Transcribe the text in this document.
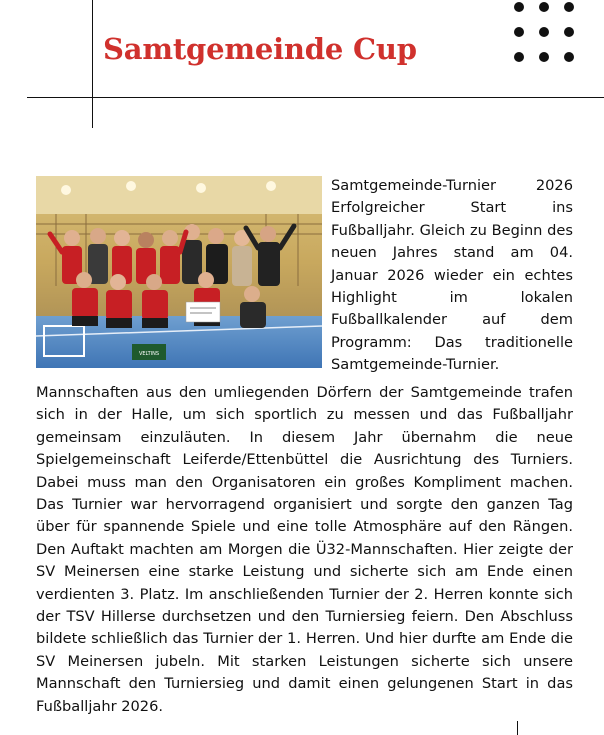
Samtgemeinde Cup
VELTINS

Samtgemeinde-Turnier 2026 Erfolgreicher Start ins Fußballjahr. Gleich zu Beginn des neuen Jahres stand am 04. Januar 2026 wieder ein echtes Highlight im lokalen Fußballkalender auf dem Programm: Das traditionelle Samtgemeinde-Turnier.

Mannschaften aus den umliegenden Dörfern der Samtgemeinde trafen sich in der Halle, um sich sportlich zu messen und das Fußballjahr gemeinsam einzuläuten. In diesem Jahr übernahm die neue Spielgemeinschaft Leiferde/Ettenbüttel die Ausrichtung des Turniers. Dabei muss man den Organisatoren ein großes Kompliment machen. Das Turnier war hervorragend organisiert und sorgte den ganzen Tag über für spannende Spiele und eine tolle Atmosphäre auf den Rängen. Den Auftakt machten am Morgen die Ü32-Mannschaften. Hier zeigte der SV Meinersen eine starke Leistung und sicherte sich am Ende einen verdienten 3. Platz. Im anschließenden Turnier der 2. Herren konnte sich der TSV Hillerse durchsetzen und den Turniersieg feiern. Den Abschluss bildete schließlich das Turnier der 1. Herren. Und hier durfte am Ende die SV Meinersen jubeln. Mit starken Leistungen sicherte sich unsere Mannschaft den Turniersieg und damit einen gelungenen Start in das Fußballjahr 2026.
